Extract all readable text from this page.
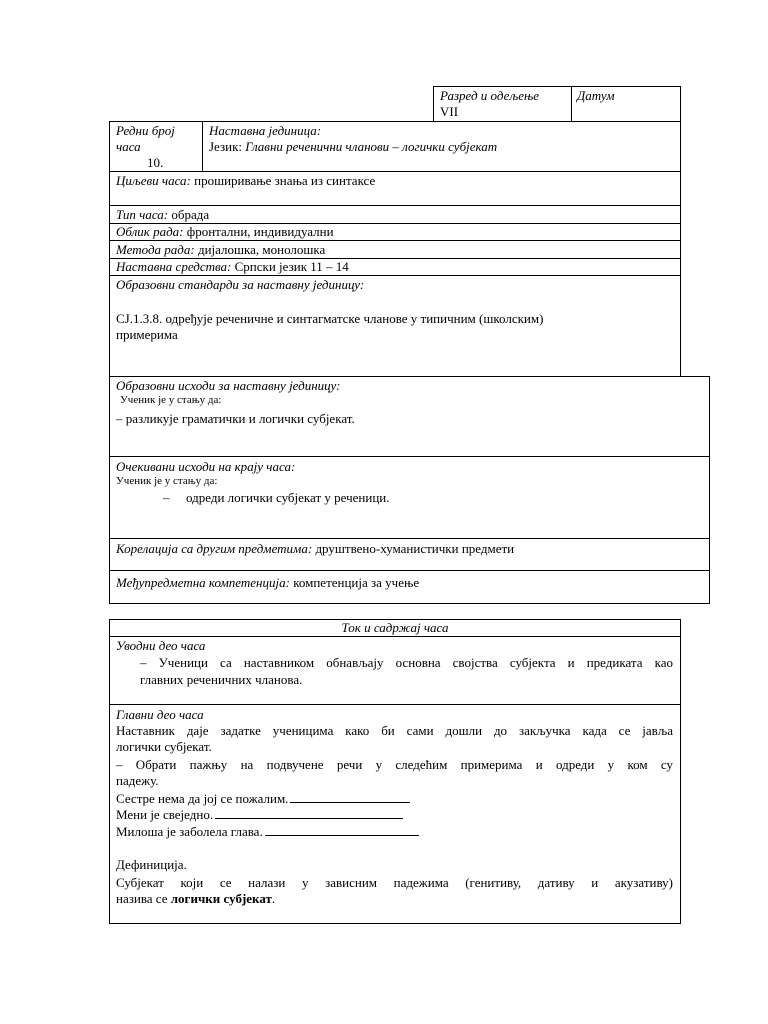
Разред и одељење
VII
Датум
Редни број
часа
10.
Наставна јединица:
Језик: Главни реченични чланови – логички субјекат
Циљеви часа: проширивање знања из синтаксе
Тип часа: обрада
Облик рада: фронтални, индивидуални
Метода рада: дијалошка, монолошка
Наставна средства: Српски језик 11 – 14
Образовни стандарди за наставну јединицу:
СЈ.1.3.8. одређује реченичне и синтагматске чланове у типичним (школским)
примерима
Образовни исходи за наставну јединицу:
Ученик је у стању да:
– разликује граматички и логички субјекат.
Очекивани исходи на крају часа:
Ученик је у стању да:
– одреди логички субјекат у реченици.
Корелација са другим предметима: друштвено-хуманистички предмети
Међупредметна компетенција: компетенција за учење
Ток и садржај часа
Уводни део часа
– Ученици са наставником обнављају основна својства субјекта и предиката као
главних реченичних чланова.
Главни део часа
Наставник даје задатке ученицима како би сами дошли до закључка када се јавља
логички субјекат.
– Обрати пажњу на подвучене речи у следећим примерима и одреди у ком су
падежу.
Сестре нема да јој се пожалим.
Мени је свеједно.
Милоша је заболела глава.
Дефиниција.
Субјекат који се налази у зависним падежима (генитиву, дативу и акузативу)
назива се логички субјекат.
